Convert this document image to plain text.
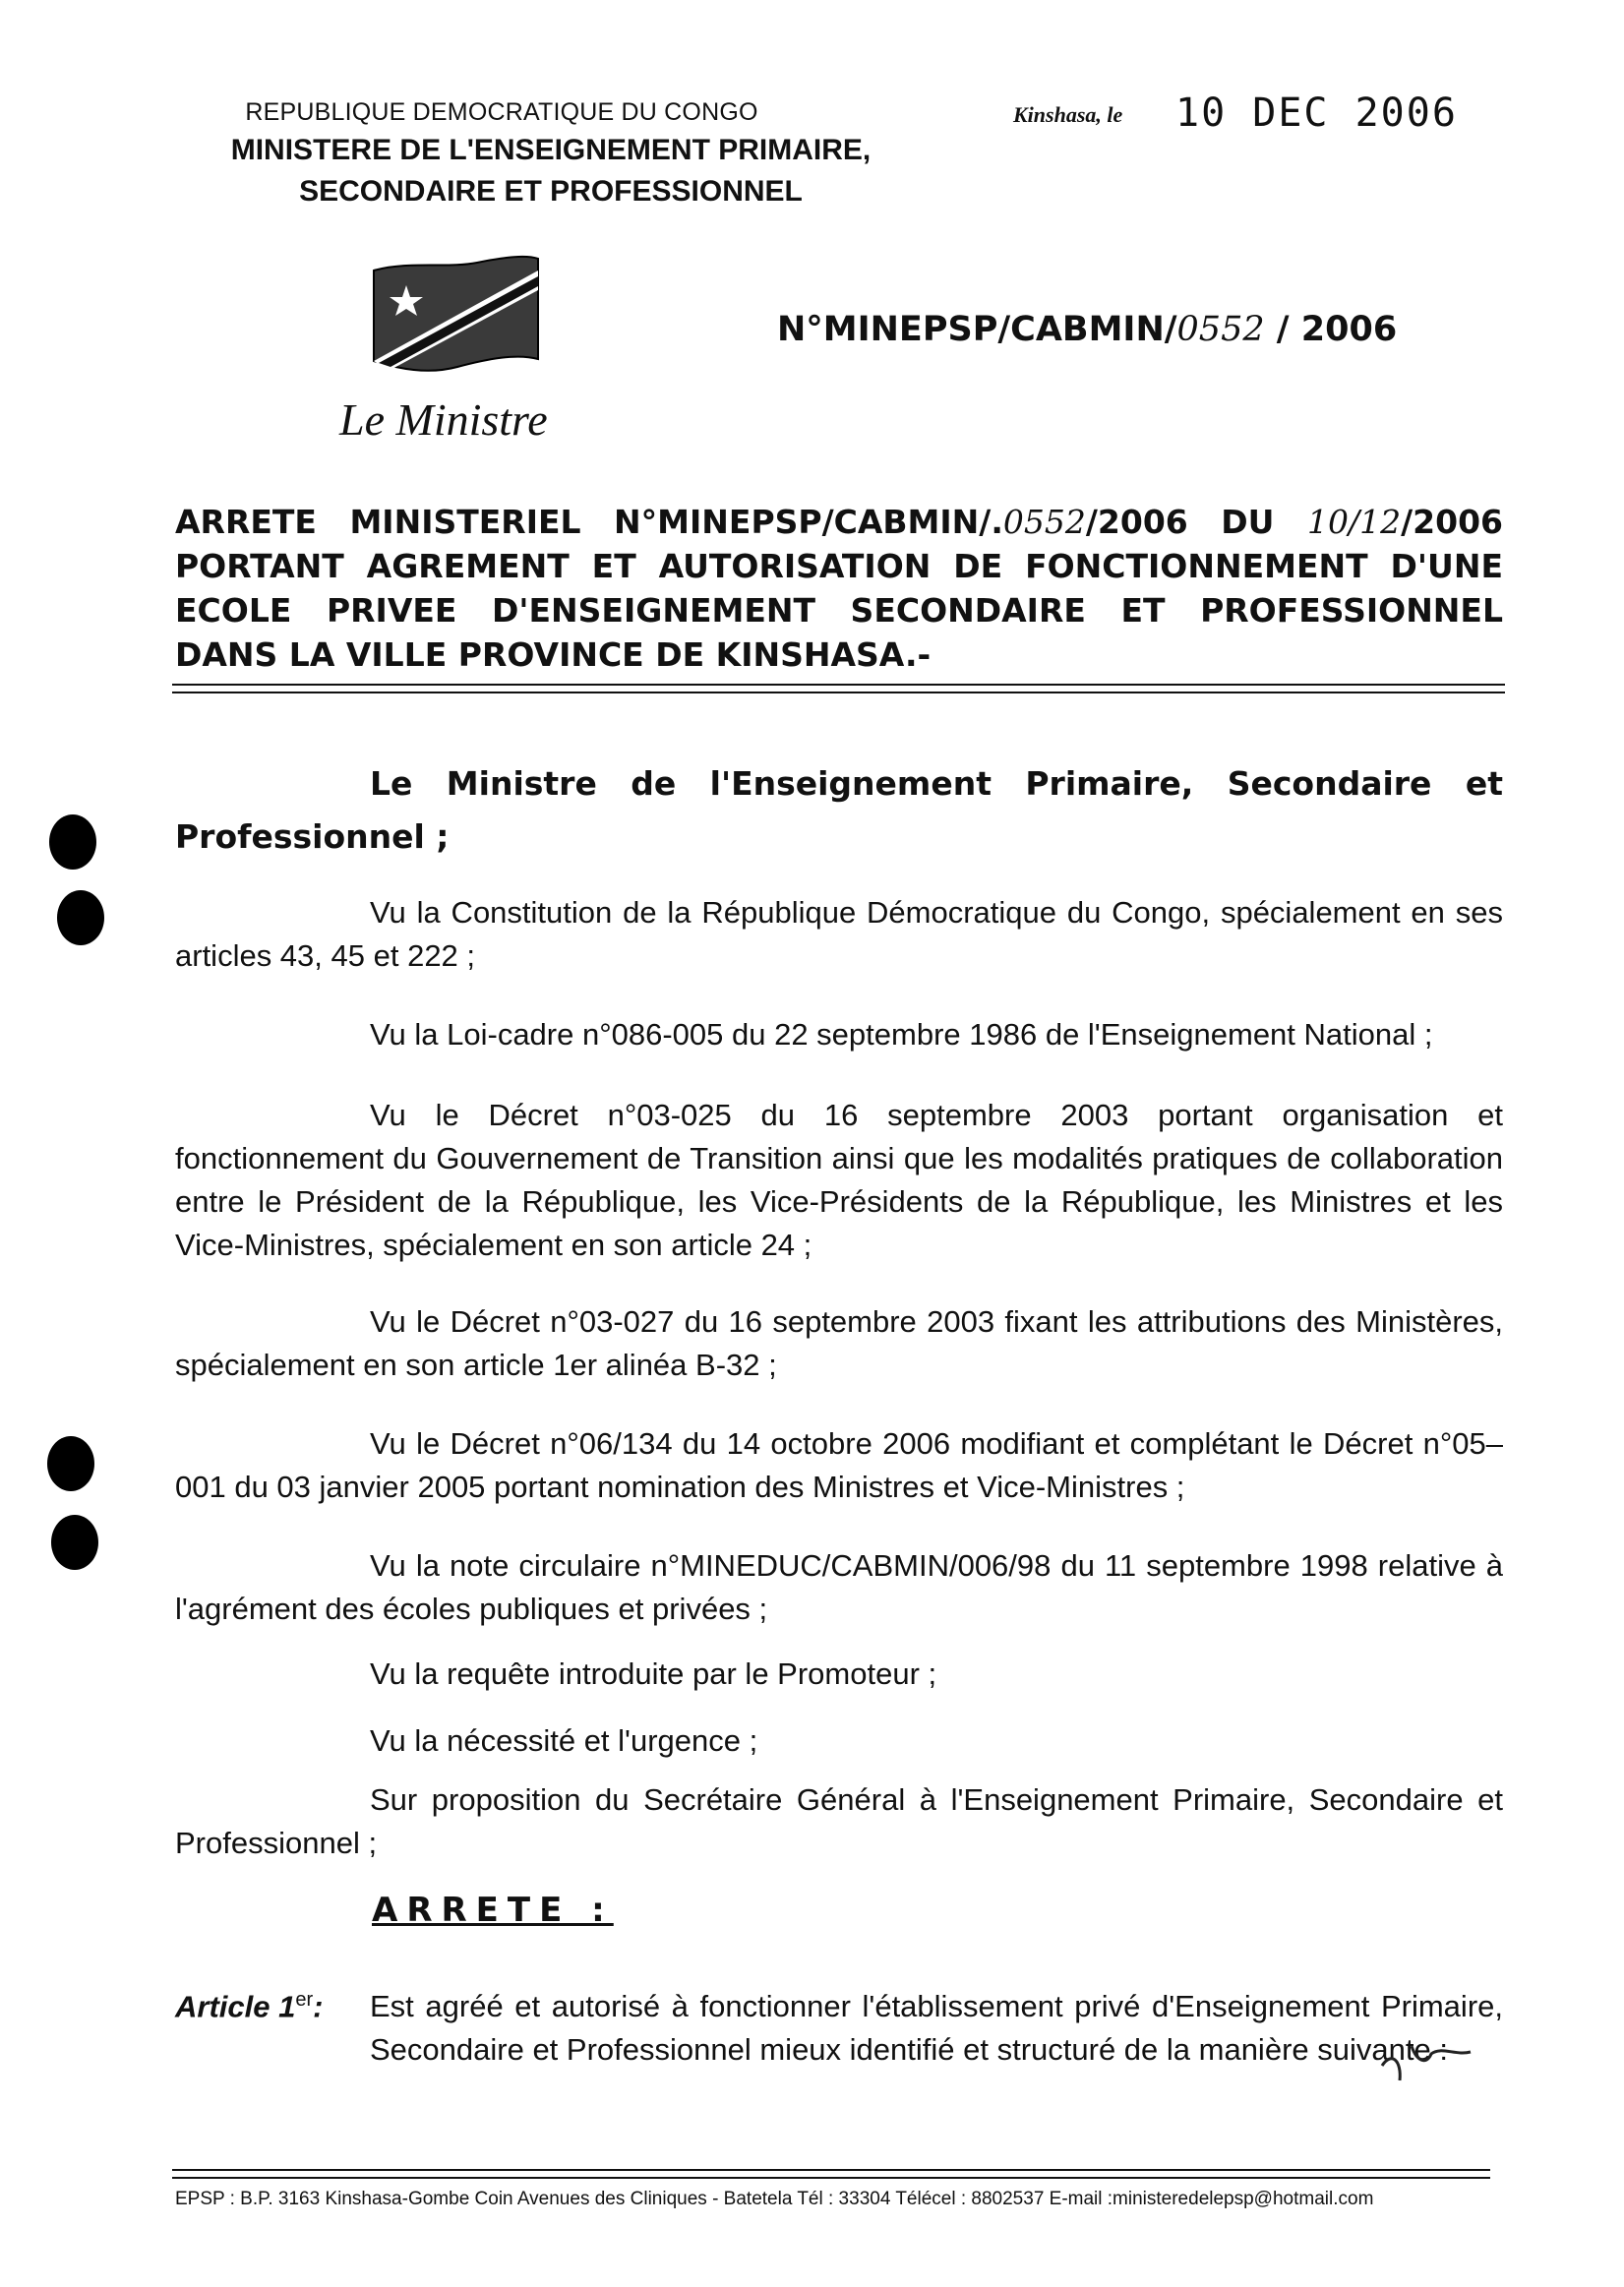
REPUBLIQUE DEMOCRATIQUE DU CONGO
MINISTERE DE L'ENSEIGNEMENT PRIMAIRE,
SECONDAIRE ET PROFESSIONNEL
Kinshasa, le 10 DEC 2006
N°MINEPSP/CABMIN/0552 / 2006
Le Ministre
ARRETE MINISTERIEL N°MINEPSP/CABMIN/.0552/2006 DU 10/12/2006 PORTANT AGREMENT ET AUTORISATION DE FONCTIONNEMENT D'UNE ECOLE PRIVEE D'ENSEIGNEMENT SECONDAIRE ET PROFESSIONNEL
DANS LA VILLE PROVINCE DE KINSHASA.-
Le Ministre de l'Enseignement Primaire, Secondaire et Professionnel ;
Vu la Constitution de la République Démocratique du Congo, spécialement en ses articles 43, 45 et 222 ;
Vu la Loi-cadre n°086-005 du 22 septembre 1986 de l'Enseignement National ;
Vu le Décret n°03-025 du 16 septembre 2003 portant organisation et fonctionnement du Gouvernement de Transition ainsi que les modalités pratiques de collaboration entre le Président de la République, les Vice-Présidents de la République, les Ministres et les Vice-Ministres, spécialement en son article 24 ;
Vu le Décret n°03-027 du 16 septembre 2003 fixant les attributions des Ministères, spécialement en son article 1er alinéa B-32 ;
Vu le Décret n°06/134 du 14 octobre 2006 modifiant et complétant le Décret n°05–001 du 03 janvier 2005 portant nomination des Ministres et Vice-Ministres ;
Vu la note circulaire n°MINEDUC/CABMIN/006/98 du 11 septembre 1998 relative à l'agrément des écoles publiques et privées ;
Vu la requête introduite par le Promoteur ;
Vu la nécessité et l'urgence ;
Sur proposition du Secrétaire Général à l'Enseignement Primaire, Secondaire et Professionnel ;
ARRETE :
Article 1er: Est agréé et autorisé à fonctionner l'établissement privé d'Enseignement Primaire, Secondaire et Professionnel mieux identifié et structuré de la manière suivante :
EPSP : B.P. 3163 Kinshasa-Gombe Coin Avenues des Cliniques - Batetela Tél : 33304 Télécel : 8802537 E-mail :ministeredelepsp@hotmail.com
